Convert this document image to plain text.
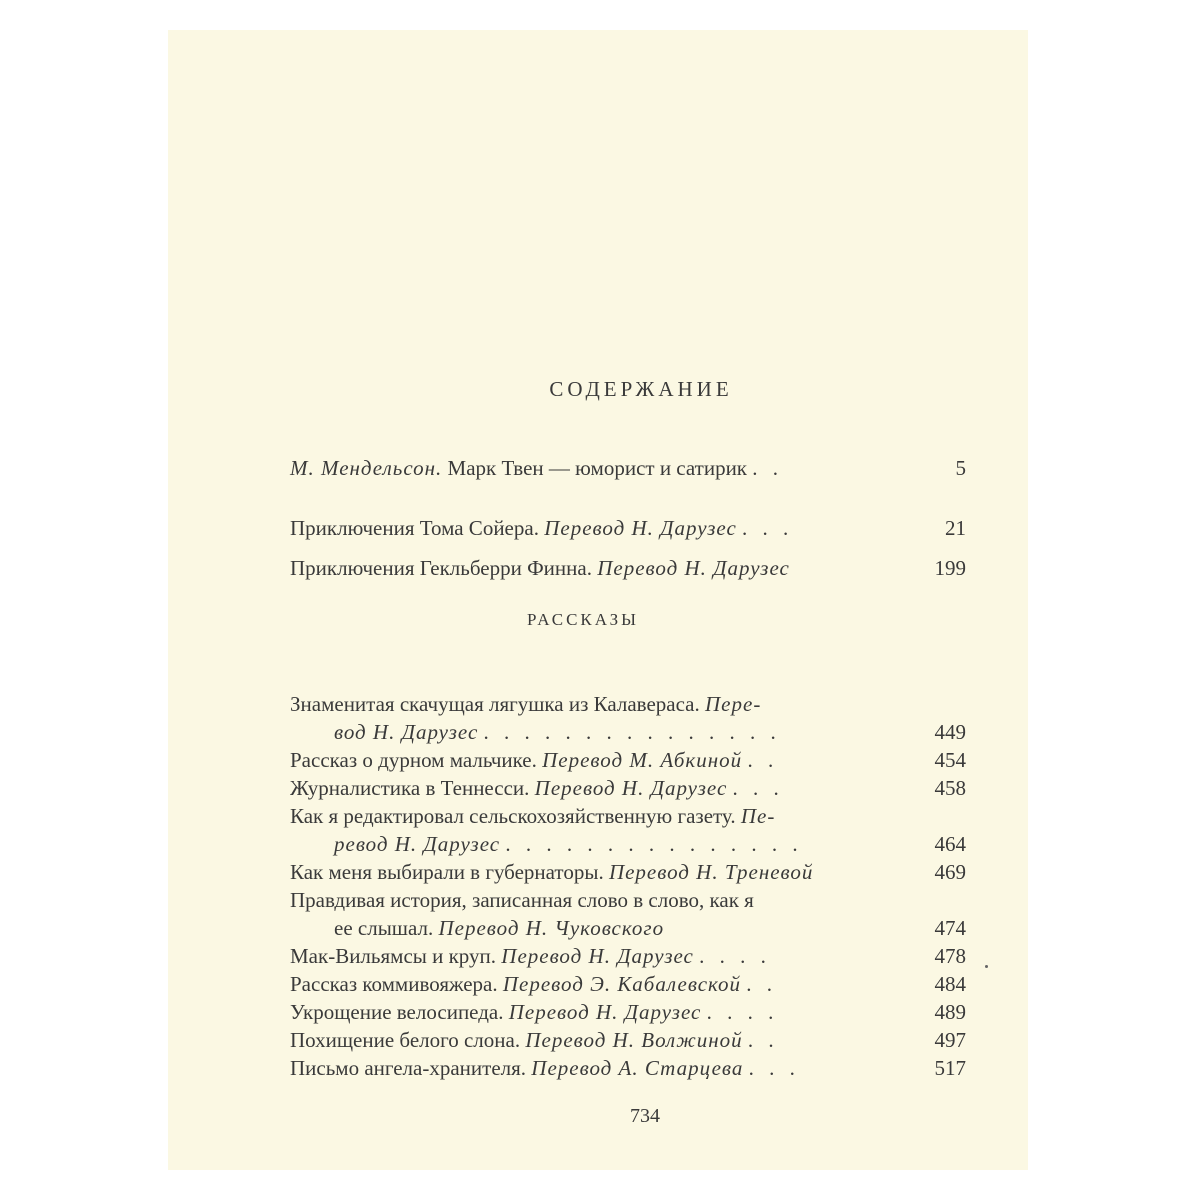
СОДЕРЖАНИЕ
М. Мендельсон. Марк Твен — юморист и сатирик . .	5
Приключения Тома Сойера. Перевод Н. Дарузес . . .	21
Приключения Гекльберри Финна. Перевод Н. Дарузес	199
РАССКАЗЫ
Знаменитая скачущая лягушка из Калавераса. Пере-
вод Н. Дарузес . . . . . . . . . . . . . . .	449
Рассказ о дурном мальчике. Перевод М. Абкиной . .	454
Журналистика в Теннесси. Перевод Н. Дарузес . . .	458
Как я редактировал сельскохозяйственную газету. Пе-
ревод Н. Дарузес . . . . . . . . . . . . . . .	464
Как меня выбирали в губернаторы. Перевод Н. Треневой	469
Правдивая история, записанная слово в слово, как я
ее слышал. Перевод Н. Чуковского	474
Мак-Вильямсы и круп. Перевод Н. Дарузес . . . .	478
Рассказ коммивояжера. Перевод Э. Кабалевской . .	484
Укрощение велосипеда. Перевод Н. Дарузес . . . .	489
Похищение белого слона. Перевод Н. Волжиной . .	497
Письмо ангела-хранителя. Перевод А. Старцева . . .	517
734
